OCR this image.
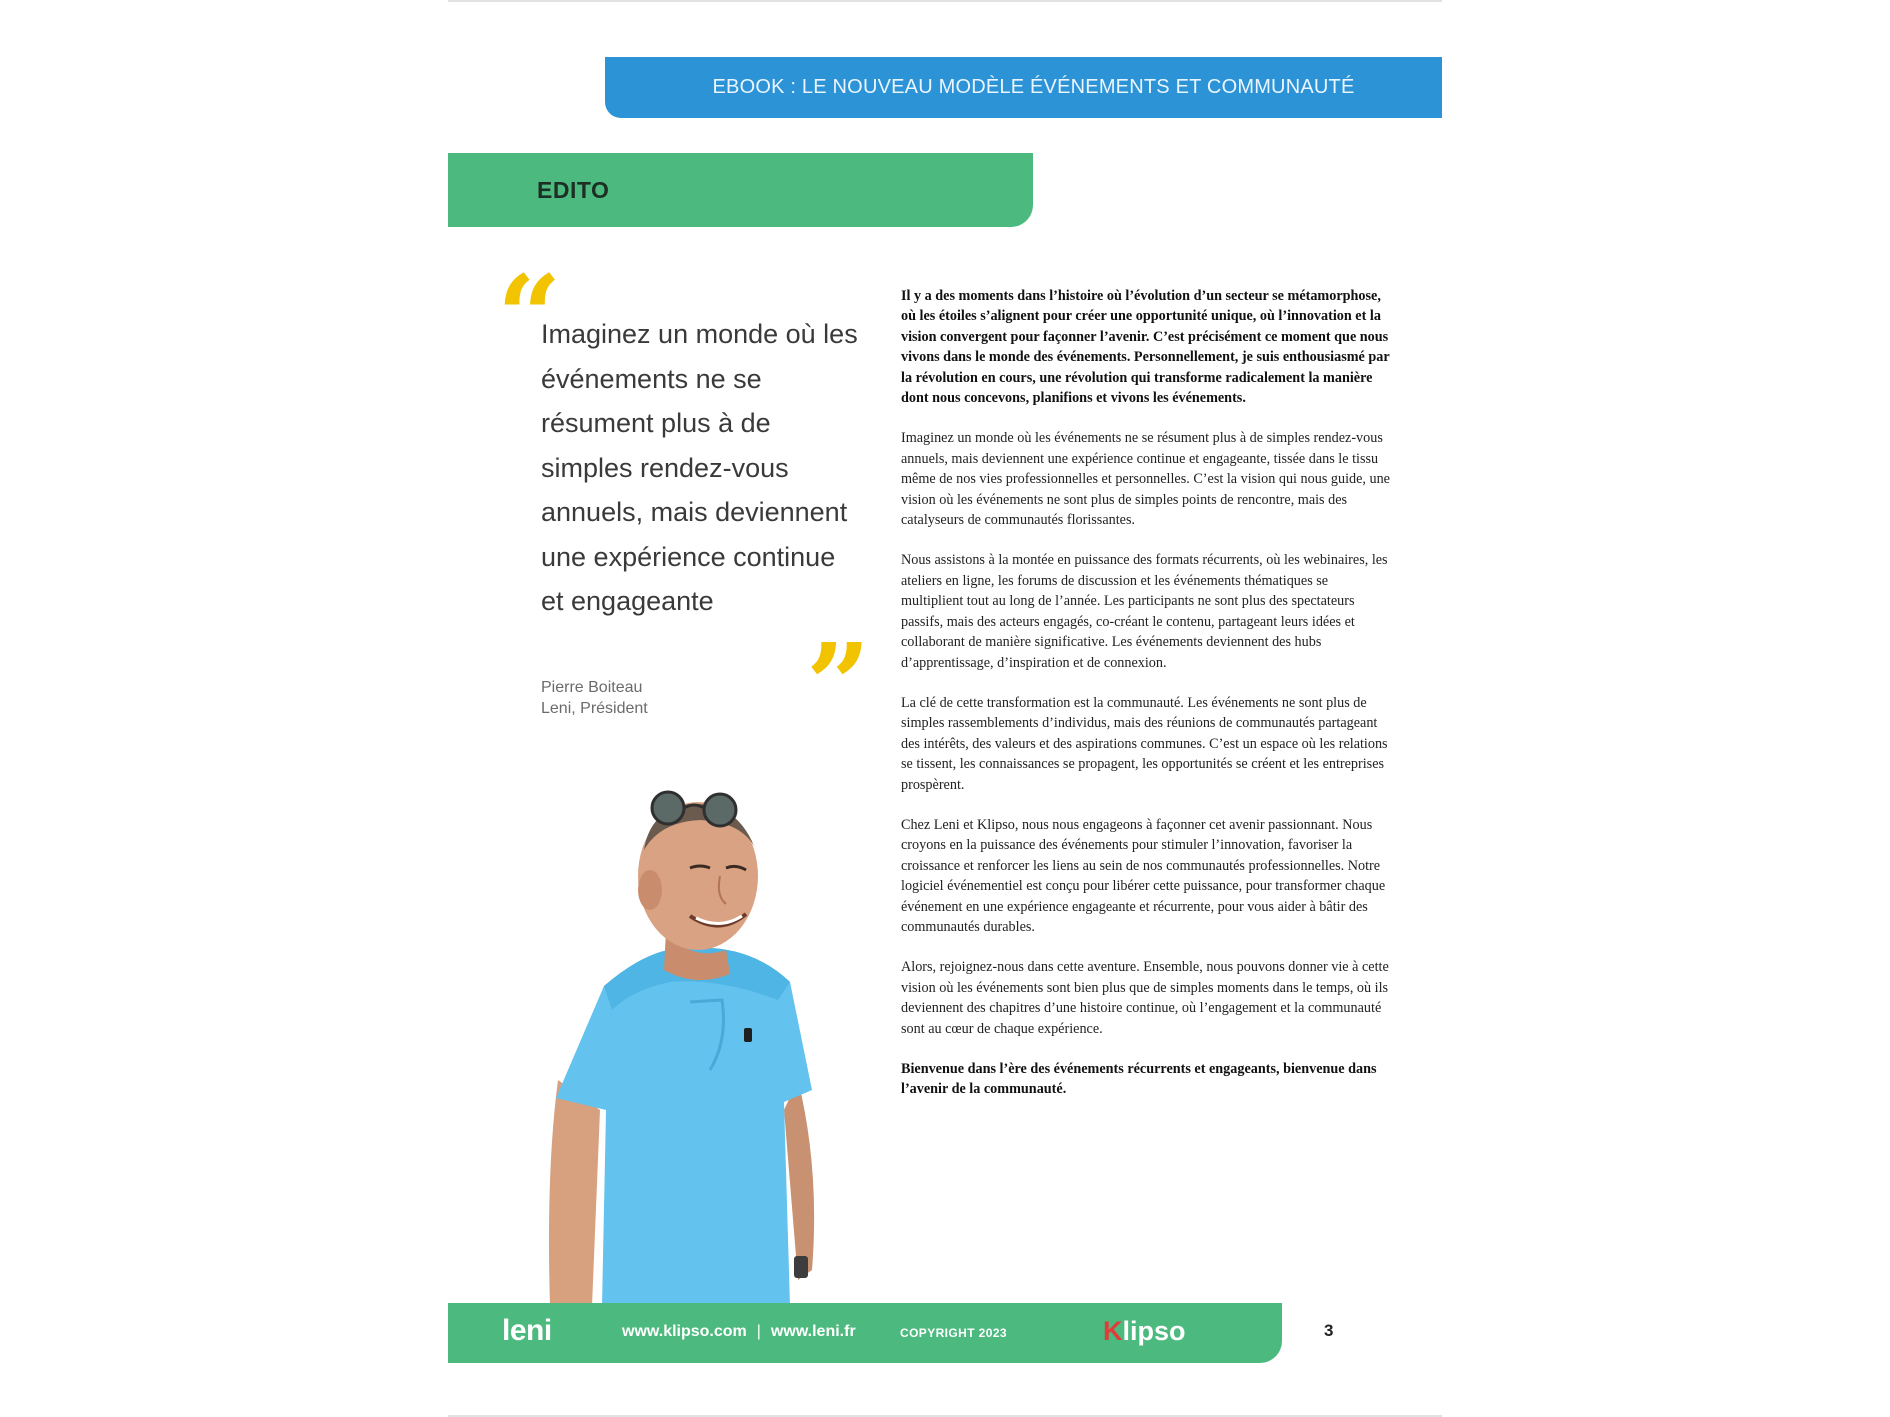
EBOOK : LE NOUVEAU MODÈLE ÉVÉNEMENTS ET COMMUNAUTÉ
EDITO
“
Imaginez un monde où les événements ne se résument plus à de simples rendez-vous annuels, mais deviennent une expérience continue et engageante
”
Pierre Boiteau
Leni, Président

Il y a des moments dans l’histoire où l’évolution d’un secteur se métamorphose, où les étoiles s’alignent pour créer une opportunité unique, où l’innovation et la vision convergent pour façonner l’avenir. C’est précisément ce moment que nous vivons dans le monde des événements. Personnellement, je suis enthousiasmé par la révolution en cours, une révolution qui transforme radicalement la manière dont nous concevons, planifions et vivons les événements.

Imaginez un monde où les événements ne se résument plus à de simples rendez-vous annuels, mais deviennent une expérience continue et engageante, tissée dans le tissu même de nos vies professionnelles et personnelles. C’est la vision qui nous guide, une vision où les événements ne sont plus de simples points de rencontre, mais des catalyseurs de communautés florissantes.

Nous assistons à la montée en puissance des formats récurrents, où les webinaires, les ateliers en ligne, les forums de discussion et les événements thématiques se multiplient tout au long de l’année. Les participants ne sont plus des spectateurs passifs, mais des acteurs engagés, co-créant le contenu, partageant leurs idées et collaborant de manière significative. Les événements deviennent des hubs d’apprentissage, d’inspiration et de connexion.

La clé de cette transformation est la communauté. Les événements ne sont plus de simples rassemblements d’individus, mais des réunions de communautés partageant des intérêts, des valeurs et des aspirations communes. C’est un espace où les relations se tissent, les connaissances se propagent, les opportunités se créent et les entreprises prospèrent.

Chez Leni et Klipso, nous nous engageons à façonner cet avenir passionnant. Nous croyons en la puissance des événements pour stimuler l’innovation, favoriser la croissance et renforcer les liens au sein de nos communautés professionnelles. Notre logiciel événementiel est conçu pour libérer cette puissance, pour transformer chaque événement en une expérience engageante et récurrente, pour vous aider à bâtir des communautés durables.

Alors, rejoignez-nous dans cette aventure. Ensemble, nous pouvons donner vie à cette vision où les événements sont bien plus que de simples moments dans le temps, où ils deviennent des chapitres d’une histoire continue, où l’engagement et la communauté sont au cœur de chaque expérience.

Bienvenue dans l’ère des événements récurrents et engageants, bienvenue dans l’avenir de la communauté.

leni	www.klipso.com | www.leni.fr	COPYRIGHT 2023	Klipso	3
